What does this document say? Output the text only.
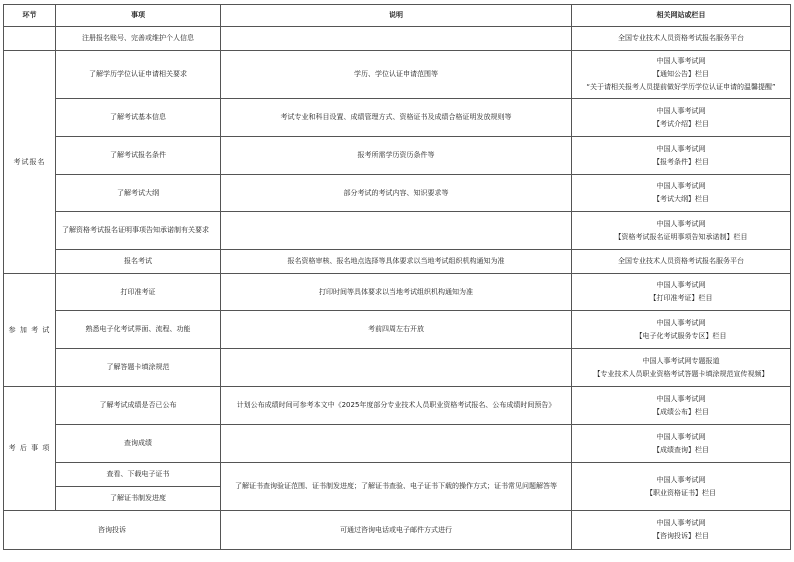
环节	事项	说明	相关网站或栏目
	注册报名账号、完善或维护个人信息		全国专业技术人员资格考试报名服务平台

考试报名	了解学历学位认证申请相关要求	学历、学位认证申请范围等	中国人事考试网
【通知公告】栏目
“关于请相关报考人员提前做好学历学位认证申请的温馨提醒”

	了解考试基本信息	考试专业和科目设置、成绩管理方式、资格证书及成绩合格证明发放规则等	中国人事考试网
【考试介绍】栏目

	了解考试报名条件	报考所需学历资历条件等	中国人事考试网
【报考条件】栏目

	了解考试大纲	部分考试的考试内容、知识要求等	中国人事考试网
【考试大纲】栏目

	了解资格考试报名证明事项告知承诺制有关要求		中国人事考试网
【资格考试报名证明事项告知承诺制】栏目

	报名考试	报名资格审核、报名地点选择等具体要求以当地考试组织机构通知为准	全国专业技术人员资格考试报名服务平台

参 加 考 试	打印准考证	打印时间等具体要求以当地考试组织机构通知为准	中国人事考试网
【打印准考证】栏目

	熟悉电子化考试界面、流程、功能	考前四周左右开放	中国人事考试网
【电子化考试服务专区】栏目

	了解答题卡填涂规范		中国人事考试网专题报道
【专业技术人员职业资格考试答题卡填涂规范宣传视频】

考 后 事 项	了解考试成绩是否已公布	计划公布成绩时间可参考本文中《2025年度部分专业技术人员职业资格考试报名、公布成绩时间预告》	中国人事考试网
【成绩公布】栏目

	查询成绩		中国人事考试网
【成绩查询】栏目

	查看、下载电子证书	了解证书查询验证范围、证书制发进度；了解证书查验、电子证书下载的操作方式；证书常见问题解答等	中国人事考试网
【职业资格证书】栏目

	了解证书制发进度		
咨询投诉		可通过咨询电话或电子邮件方式进行	中国人事考试网
【咨询投诉】栏目
